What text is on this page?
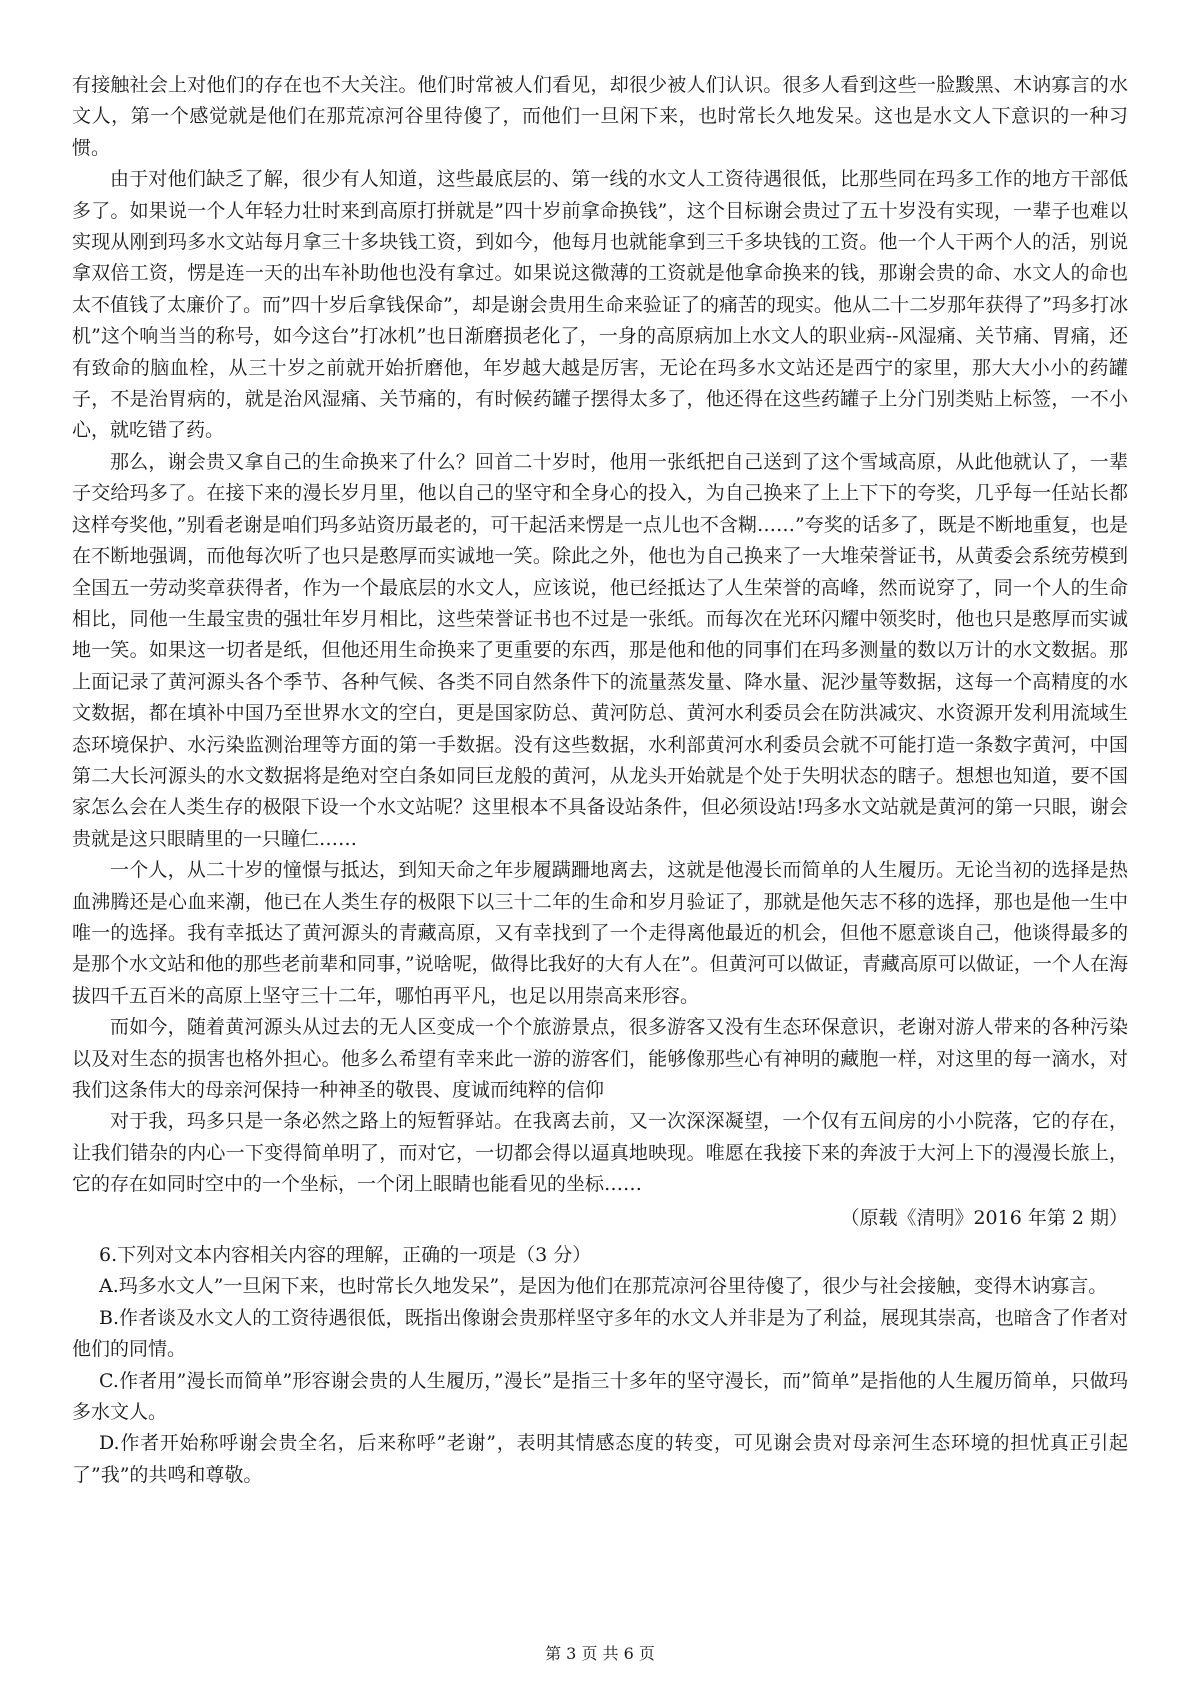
有接触社会上对他们的存在也不大关注。他们时常被人们看见，却很少被人们认识。很多人看到这些一脸黢黑、木讷寡言的水文人，第一个感觉就是他们在那荒凉河谷里待傻了，而他们一旦闲下来，也时常长久地发呆。这也是水文人下意识的一种习惯。

由于对他们缺乏了解，很少有人知道，这些最底层的、第一线的水文人工资待遇很低，比那些同在玛多工作的地方干部低多了。如果说一个人年轻力壮时来到高原打拼就是”四十岁前拿命换钱”，这个目标谢会贵过了五十岁没有实现，一辈子也难以实现从刚到玛多水文站每月拿三十多块钱工资，到如今，他每月也就能拿到三千多块钱的工资。他一个人干两个人的活，别说拿双倍工资，愣是连一天的出车补助他也没有拿过。如果说这微薄的工资就是他拿命换来的钱，那谢会贵的命、水文人的命也太不值钱了太廉价了。而”四十岁后拿钱保命”，却是谢会贵用生命来验证了的痛苦的现实。他从二十二岁那年获得了”玛多打冰机”这个响当当的称号，如今这台”打冰机”也日渐磨损老化了，一身的高原病加上水文人的职业病--风湿痛、关节痛、胃痛，还有致命的脑血栓，从三十岁之前就开始折磨他，年岁越大越是厉害，无论在玛多水文站还是西宁的家里，那大大小小的药罐子，不是治胃病的，就是治风湿痛、关节痛的，有时候药罐子摆得太多了，他还得在这些药罐子上分门别类贴上标签，一不小心，就吃错了药。

那么，谢会贵又拿自己的生命换来了什么？回首二十岁时，他用一张纸把自己送到了这个雪域高原，从此他就认了，一辈子交给玛多了。在接下来的漫长岁月里，他以自己的坚守和全身心的投入，为自己换来了上上下下的夸奖，几乎每一任站长都这样夸奖他，”别看老谢是咱们玛多站资历最老的，可干起活来愣是一点儿也不含糊……”夸奖的话多了，既是不断地重复，也是在不断地强调，而他每次听了也只是憨厚而实诚地一笑。除此之外，他也为自己换来了一大堆荣誉证书，从黄委会系统劳模到全国五一劳动奖章获得者，作为一个最底层的水文人，应该说，他已经抵达了人生荣誉的高峰，然而说穿了，同一个人的生命相比，同他一生最宝贵的强壮年岁月相比，这些荣誉证书也不过是一张纸。而每次在光环闪耀中领奖时，他也只是憨厚而实诚地一笑。如果这一切者是纸，但他还用生命换来了更重要的东西，那是他和他的同事们在玛多测量的数以万计的水文数据。那上面记录了黄河源头各个季节、各种气候、各类不同自然条件下的流量蒸发量、降水量、泥沙量等数据，这每一个高精度的水文数据，都在填补中国乃至世界水文的空白，更是国家防总、黄河防总、黄河水利委员会在防洪减灾、水资源开发利用流域生态环境保护、水污染监测治理等方面的第一手数据。没有这些数据，水利部黄河水利委员会就不可能打造一条数字黄河，中国第二大长河源头的水文数据将是绝对空白条如同巨龙般的黄河，从龙头开始就是个处于失明状态的瞎子。想想也知道，要不国家怎么会在人类生存的极限下设一个水文站呢？这里根本不具备设站条件，但必须设站!玛多水文站就是黄河的第一只眼，谢会贵就是这只眼睛里的一只瞳仁……

一个人，从二十岁的憧憬与抵达，到知天命之年步履蹒跚地离去，这就是他漫长而简单的人生履历。无论当初的选择是热血沸腾还是心血来潮，他已在人类生存的极限下以三十二年的生命和岁月验证了，那就是他矢志不移的选择，那也是他一生中唯一的选择。我有幸抵达了黄河源头的青藏高原，又有幸找到了一个走得离他最近的机会，但他不愿意谈自己，他谈得最多的是那个水文站和他的那些老前辈和同事，”说啥呢，做得比我好的大有人在”。但黄河可以做证，青藏高原可以做证，一个人在海拔四千五百米的高原上坚守三十二年，哪怕再平凡，也足以用崇高来形容。

而如今，随着黄河源头从过去的无人区变成一个个旅游景点，很多游客又没有生态环保意识，老谢对游人带来的各种污染以及对生态的损害也格外担心。他多么希望有幸来此一游的游客们，能够像那些心有神明的藏胞一样，对这里的每一滴水，对我们这条伟大的母亲河保持一种神圣的敬畏、度诚而纯粹的信仰

对于我，玛多只是一条必然之路上的短暂驿站。在我离去前，又一次深深凝望，一个仅有五间房的小小院落，它的存在，让我们错杂的内心一下变得简单明了，而对它，一切都会得以逼真地映现。唯愿在我接下来的奔波于大河上下的漫漫长旅上，它的存在如同时空中的一个坐标，一个闭上眼睛也能看见的坐标……

（原载《清明》2016 年第 2 期）

6.下列对文本内容相关内容的理解，正确的一项是（3 分）

A.玛多水文人”一旦闲下来，也时常长久地发呆”，是因为他们在那荒凉河谷里待傻了，很少与社会接触，变得木讷寡言。

B.作者谈及水文人的工资待遇很低，既指出像谢会贵那样坚守多年的水文人并非是为了利益，展现其崇高，也暗含了作者对他们的同情。

C.作者用”漫长而简单”形容谢会贵的人生履历，”漫长”是指三十多年的坚守漫长，而”简单”是指他的人生履历简单，只做玛多水文人。

D.作者开始称呼谢会贵全名，后来称呼”老谢”，表明其情感态度的转变，可见谢会贵对母亲河生态环境的担忧真正引起了”我”的共鸣和尊敬。

第 3 页 共 6 页
